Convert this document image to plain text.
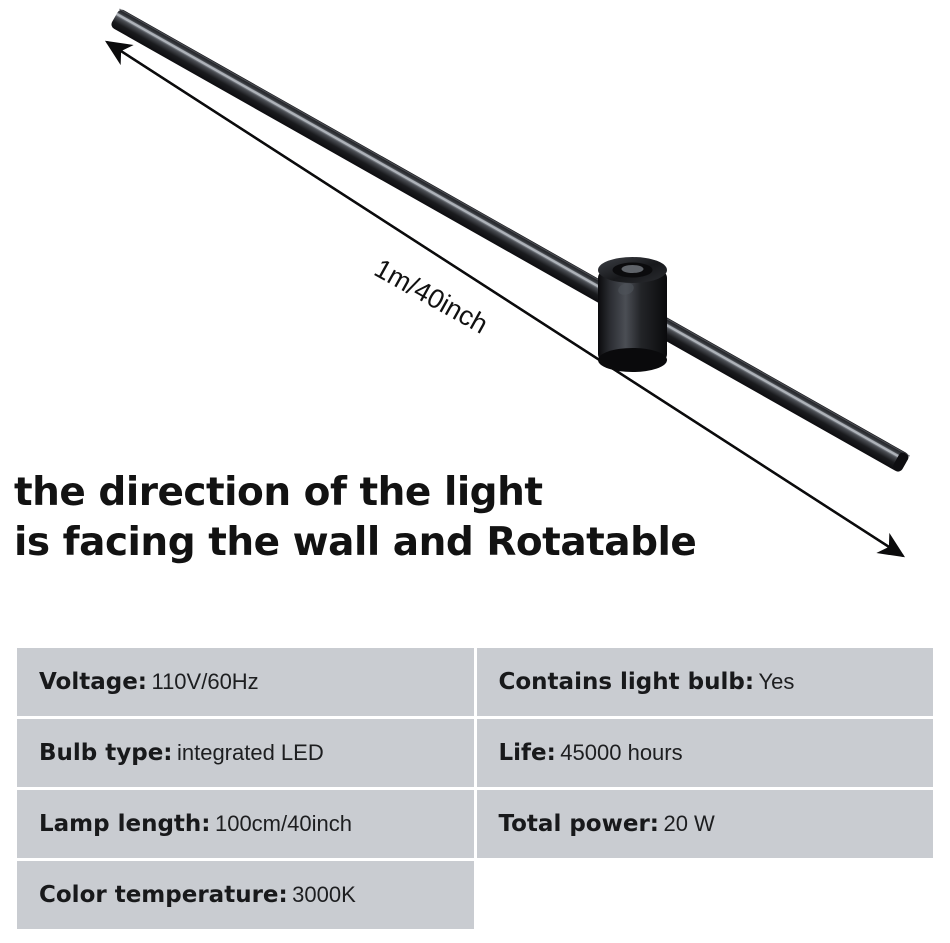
1m/40inch
the direction of the light
is facing the wall and Rotatable
Voltage: 110V/60Hz	Contains light bulb: Yes
Bulb type: integrated LED	Life: 45000 hours
Lamp length: 100cm/40inch	Total power: 20 W
Color temperature: 3000K	
